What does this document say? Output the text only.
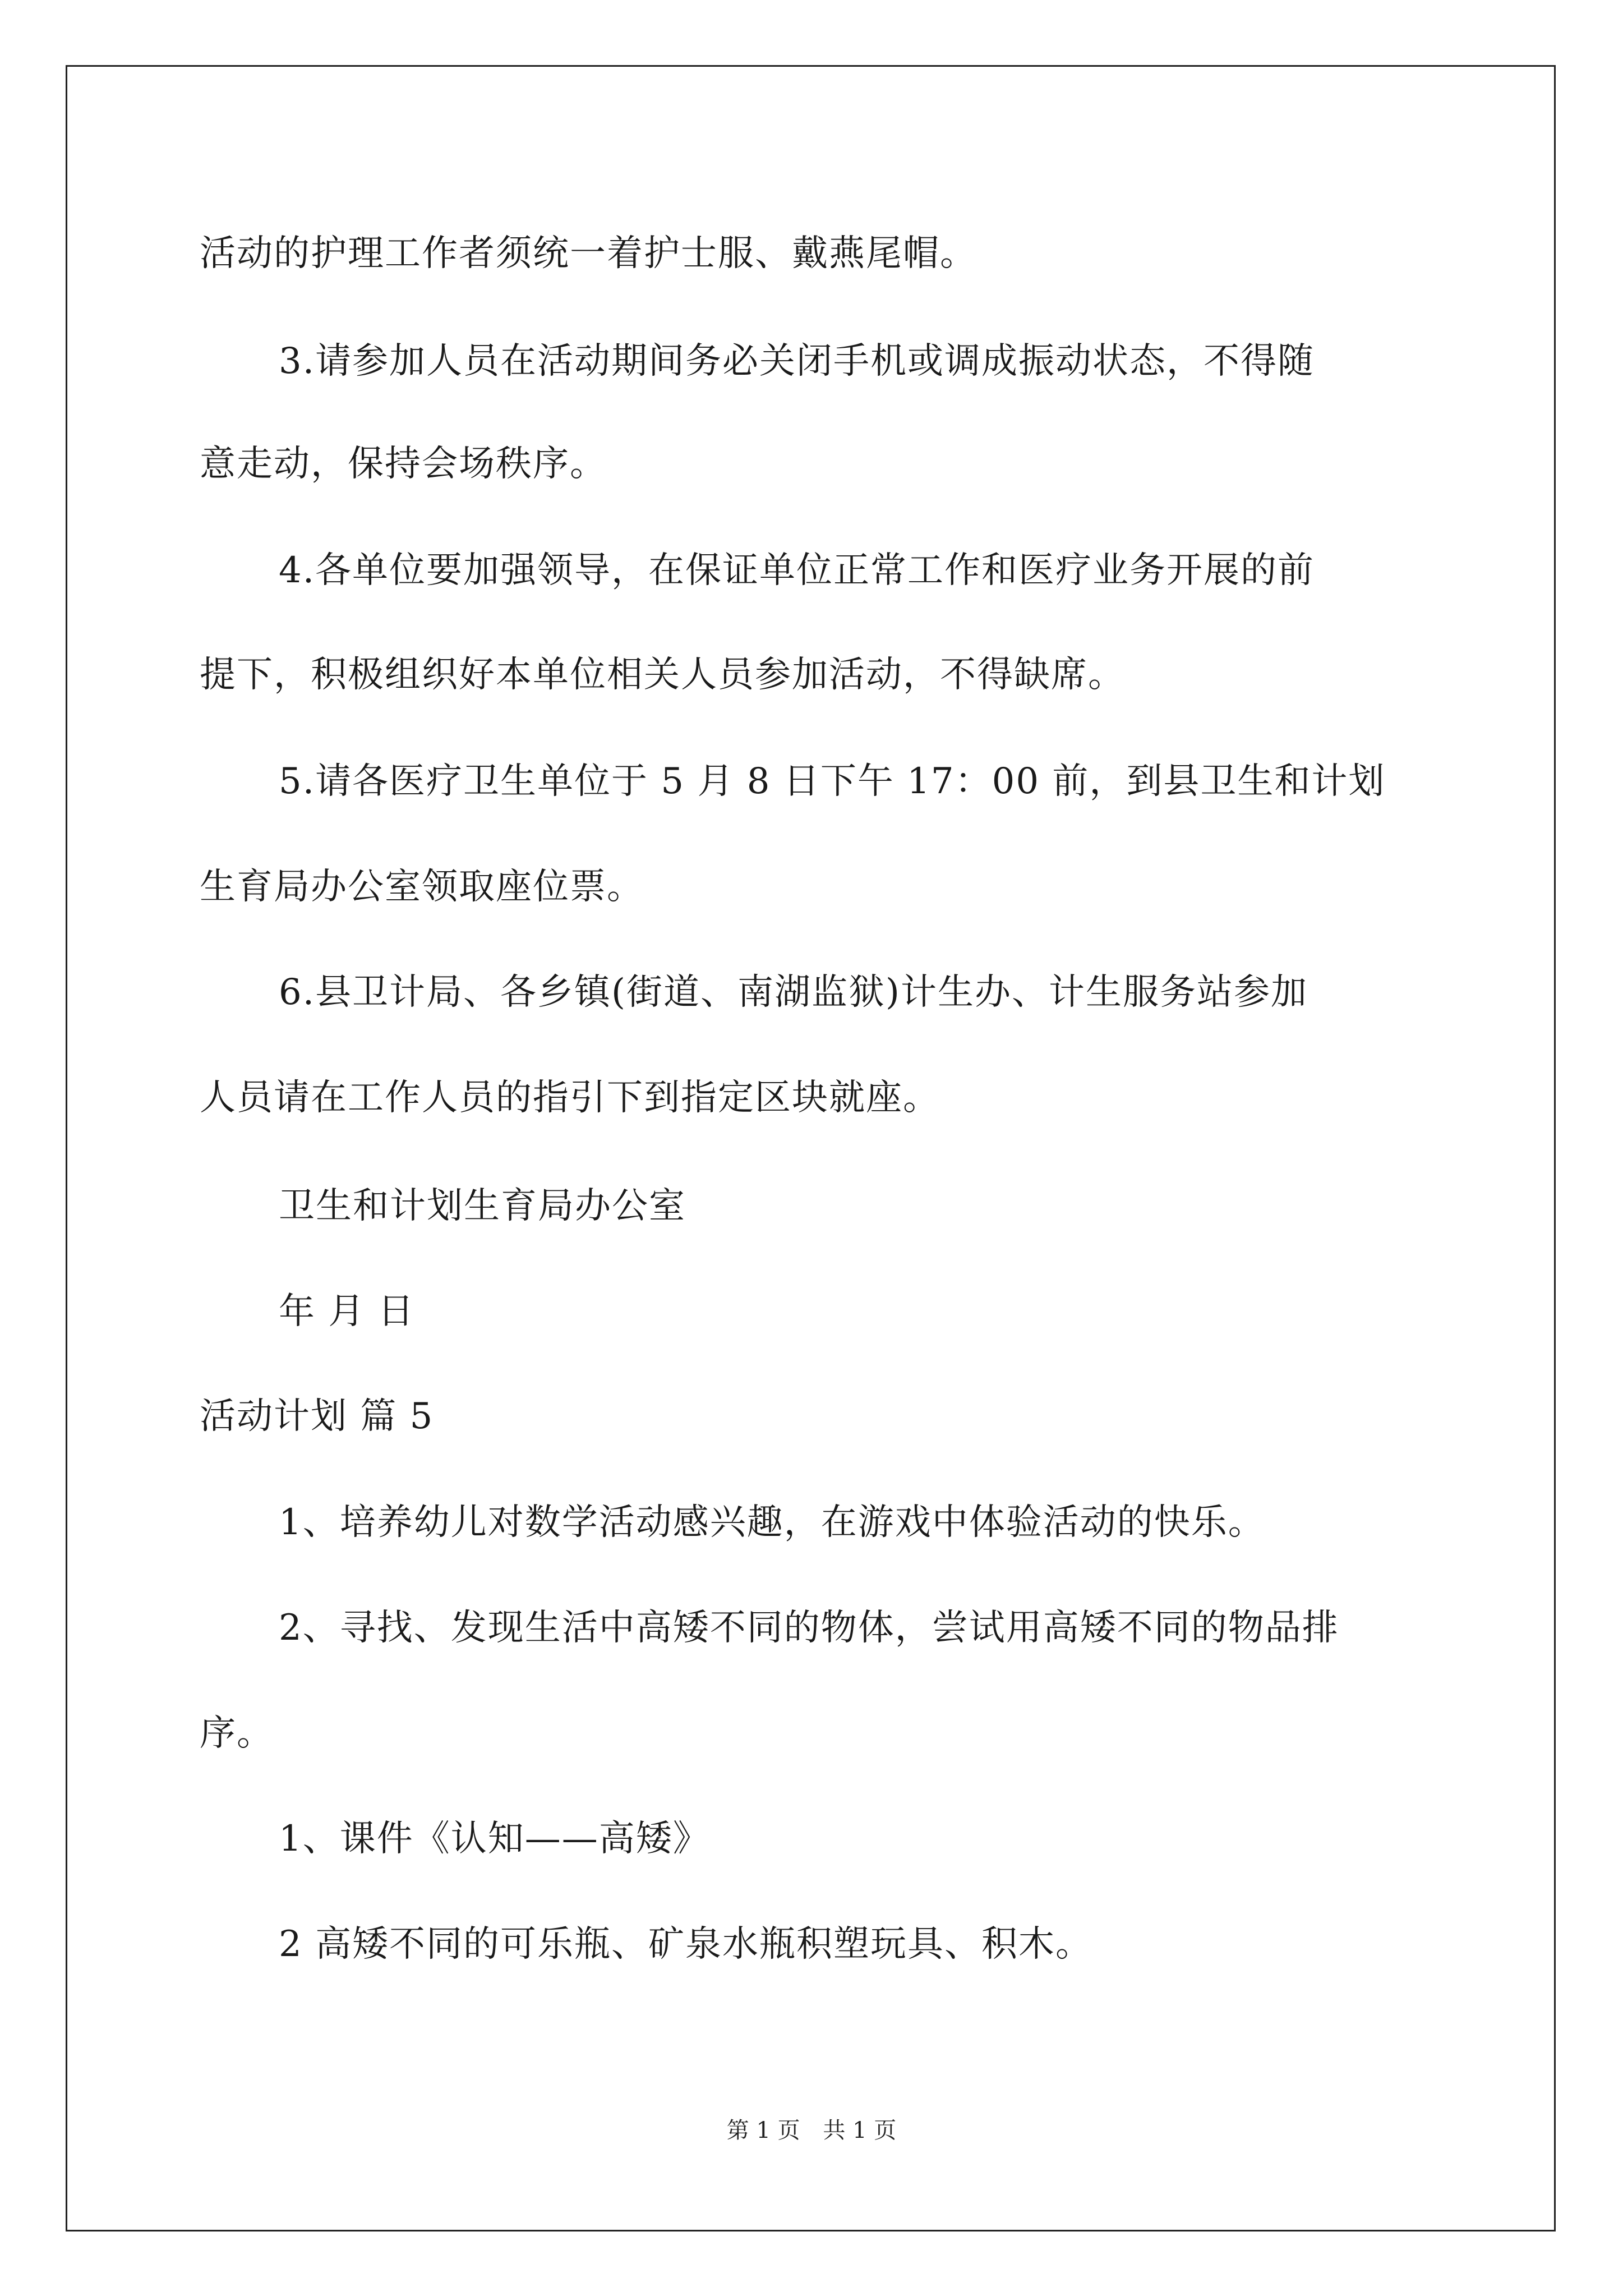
活动的护理工作者须统一着护士服、戴燕尾帽。
3.请参加人员在活动期间务必关闭手机或调成振动状态，不得随
意走动，保持会场秩序。
4.各单位要加强领导，在保证单位正常工作和医疗业务开展的前
提下，积极组织好本单位相关人员参加活动，不得缺席。
5.请各医疗卫生单位于 5 月 8 日下午 17：00 前，到县卫生和计划
生育局办公室领取座位票。
6.县卫计局、各乡镇(街道、南湖监狱)计生办、计生服务站参加
人员请在工作人员的指引下到指定区块就座。
卫生和计划生育局办公室
年 月 日
活动计划 篇 5
1、培养幼儿对数学活动感兴趣，在游戏中体验活动的快乐。
2、寻找、发现生活中高矮不同的物体，尝试用高矮不同的物品排
序。
1、课件《认知——高矮》
2 高矮不同的可乐瓶、矿泉水瓶积塑玩具、积木。
第 1 页 共 1 页
